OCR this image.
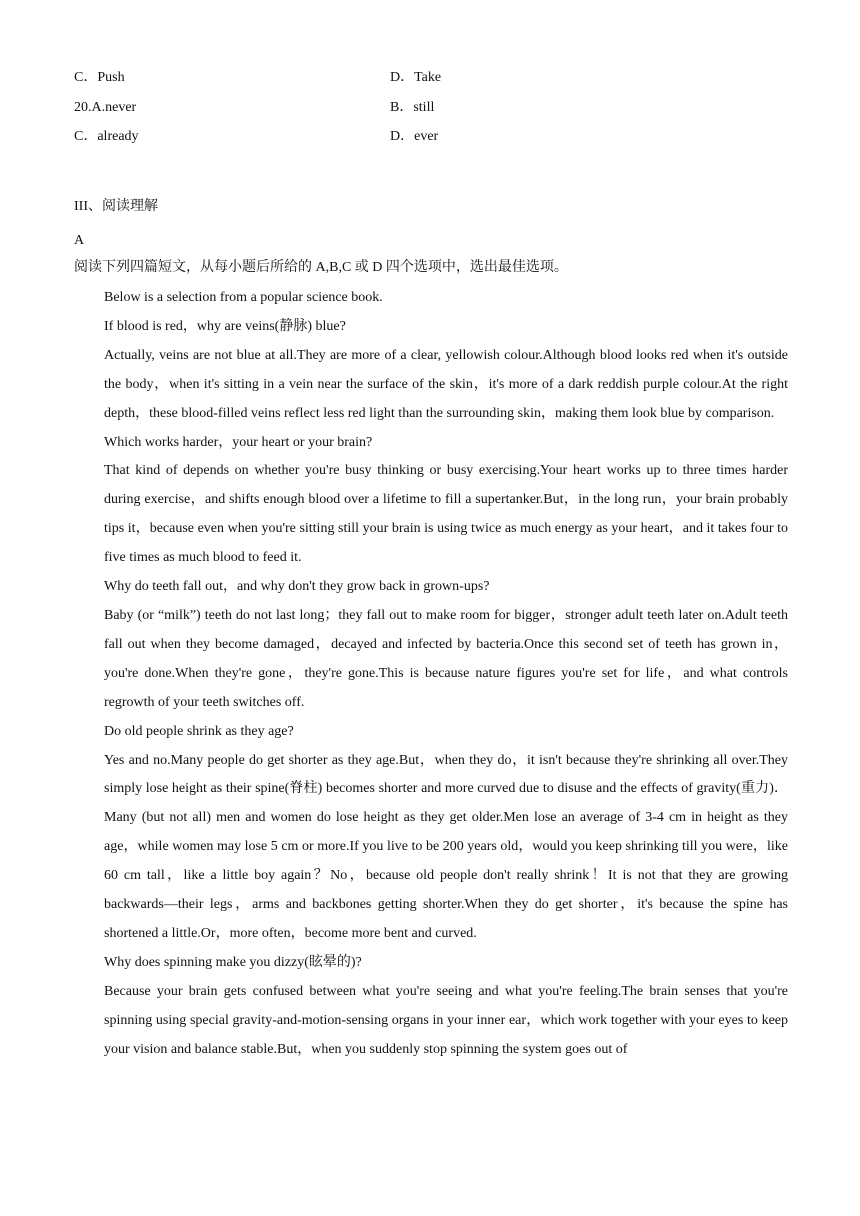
C．Push	D．Take
20.A.never	B．still
C．already	D．ever
III、阅读理解
A
阅读下列四篇短文，从每小题后所给的 A,B,C 或 D 四个选项中，选出最佳选项。

Below is a selection from a popular science book.

If blood is red，why are veins(静脉) blue?

Actually, veins are not blue at all.They are more of a clear, yellowish colour.Although blood looks red when it's outside the body，when it's sitting in a vein near the surface of the skin，it's more of a dark reddish purple colour.At the right depth，these blood-filled veins reflect less red light than the surrounding skin，making them look blue by comparison.

Which works harder，your heart or your brain?

That kind of depends on whether you're busy thinking or busy exercising.Your heart works up to three times harder during exercise，and shifts enough blood over a lifetime to fill a supertanker.But，in the long run，your brain probably tips it，because even when you're sitting still your brain is using twice as much energy as your heart，and it takes four to five times as much blood to feed it.

Why do teeth fall out，and why don't they grow back in grown-ups?

Baby (or “milk”) teeth do not last long；they fall out to make room for bigger，stronger adult teeth later on.Adult teeth fall out when they become damaged，decayed and infected by bacteria.Once this second set of teeth has grown in，you're done.When they're gone，they're gone.This is because nature figures you're set for life，and what controls regrowth of your teeth switches off.

Do old people shrink as they age?

Yes and no.Many people do get shorter as they age.But，when they do，it isn't because they're shrinking all over.They simply lose height as their spine(脊柱) becomes shorter and more curved due to disuse and the effects of gravity(重力)．Many (but not all) men and women do lose height as they get older.Men lose an average of 3-4 cm in height as they age，while women may lose 5 cm or more.If you live to be 200 years old，would you keep shrinking till you were，like 60 cm tall，like a little boy again？No，because old people don't really shrink！It is not that they are growing backwards—their legs，arms and backbones getting shorter.When they do get shorter，it's because the spine has shortened a little.Or，more often，become more bent and curved.

Why does spinning make you dizzy(眩晕的)?

Because your brain gets confused between what you're seeing and what you're feeling.The brain senses that you're spinning using special gravity-and-motion-sensing organs in your inner ear，which work together with your eyes to keep your vision and balance stable.But，when you suddenly stop spinning the system goes out of
